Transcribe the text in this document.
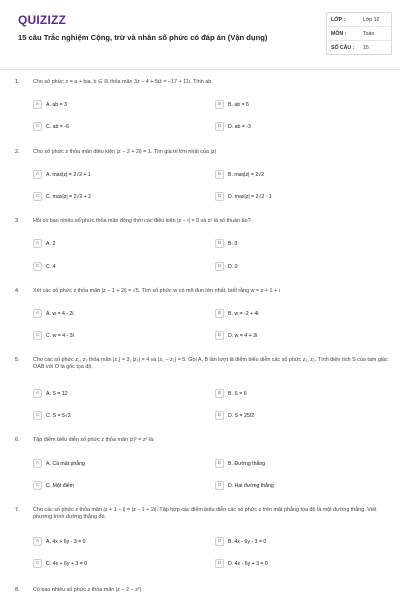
QUIZIZZ
15 câu Trắc nghiệm Cộng, trừ và nhân số phức có đáp án (Vận dụng)
LỚP :	Lớp 12
MÔN :	Toán
SỐ CÂU :	15
1.	Cho số phức z = a + bia, b ∈ ℝ thỏa mãn 3z − 4 + 5iz̄ = −17 + 11i. Tính ab
A	A. ab = 3	B	B. ab = 6
C	C. ab = -6	D	D. ab = -3
2.	Cho số phức z thỏa mãn điều kiện |z − 2 + 2i| = 1. Tìm giá trị lớn nhất của |z|
A	A. max|z| = 2√2 + 1	B	B. max|z| = 2√2
C	C. max|z| = 2√2 + 2	D	D. max|z| = 2√2 - 1
3.	Hỏi có bao nhiêu số phức thỏa mãn đồng thời các điều kiện |z − i| = 5 và z² là số thuần ảo?
A	A. 2	B	B. 3
C	C. 4	D	D. 0
4.	Xét các số phức z thỏa mãn |z − 1 + 2i| = √5. Tìm số phức w có mô đun lớn nhất, biết rằng w = z + 1 + i
A	A. w = 4 - 2i	B	B. w = -2 + 4i
C	C. w = 4 - 3i	D	D. w = 4 + 3i
5.	Cho các số phức z₁, z₂ thỏa mãn |z₁| = 3, |z₂| = 4 và |z₁ − z₂| = 5. Gọi A, B lần lượt là điểm biểu diễn các số phức z₁, z₂. Tính diện tích S của tam giác OAB với O là gốc tọa độ.
A	A. S = 12	B	B. S = 6
C	C. S = 5√2	D	D. S = 25/2
6.	Tập điểm biểu diễn số phức z thỏa mãn |z|² = z² là:
A	A. Cả mặt phẳng	B	B. Đường thẳng
C	C. Một điểm	D	D. Hai đường thẳng
7.	Cho các số phức z thỏa mãn |z + 1 − i| = |z − 1 + 2i|. Tập hợp các điểm biểu diễn các số phức z trên mặt phẳng tọa độ là một đường thẳng. Viết phương trình đường thẳng đó.
A	A. 4x + 6y - 3 = 0	B	B. 4x - 6y - 3 = 0
C	C. 4x + 6y + 3 = 0	D	D. 4x - 6y + 3 = 0
8.	Có bao nhiêu số phức z thỏa mãn |z − 2 − z²|
